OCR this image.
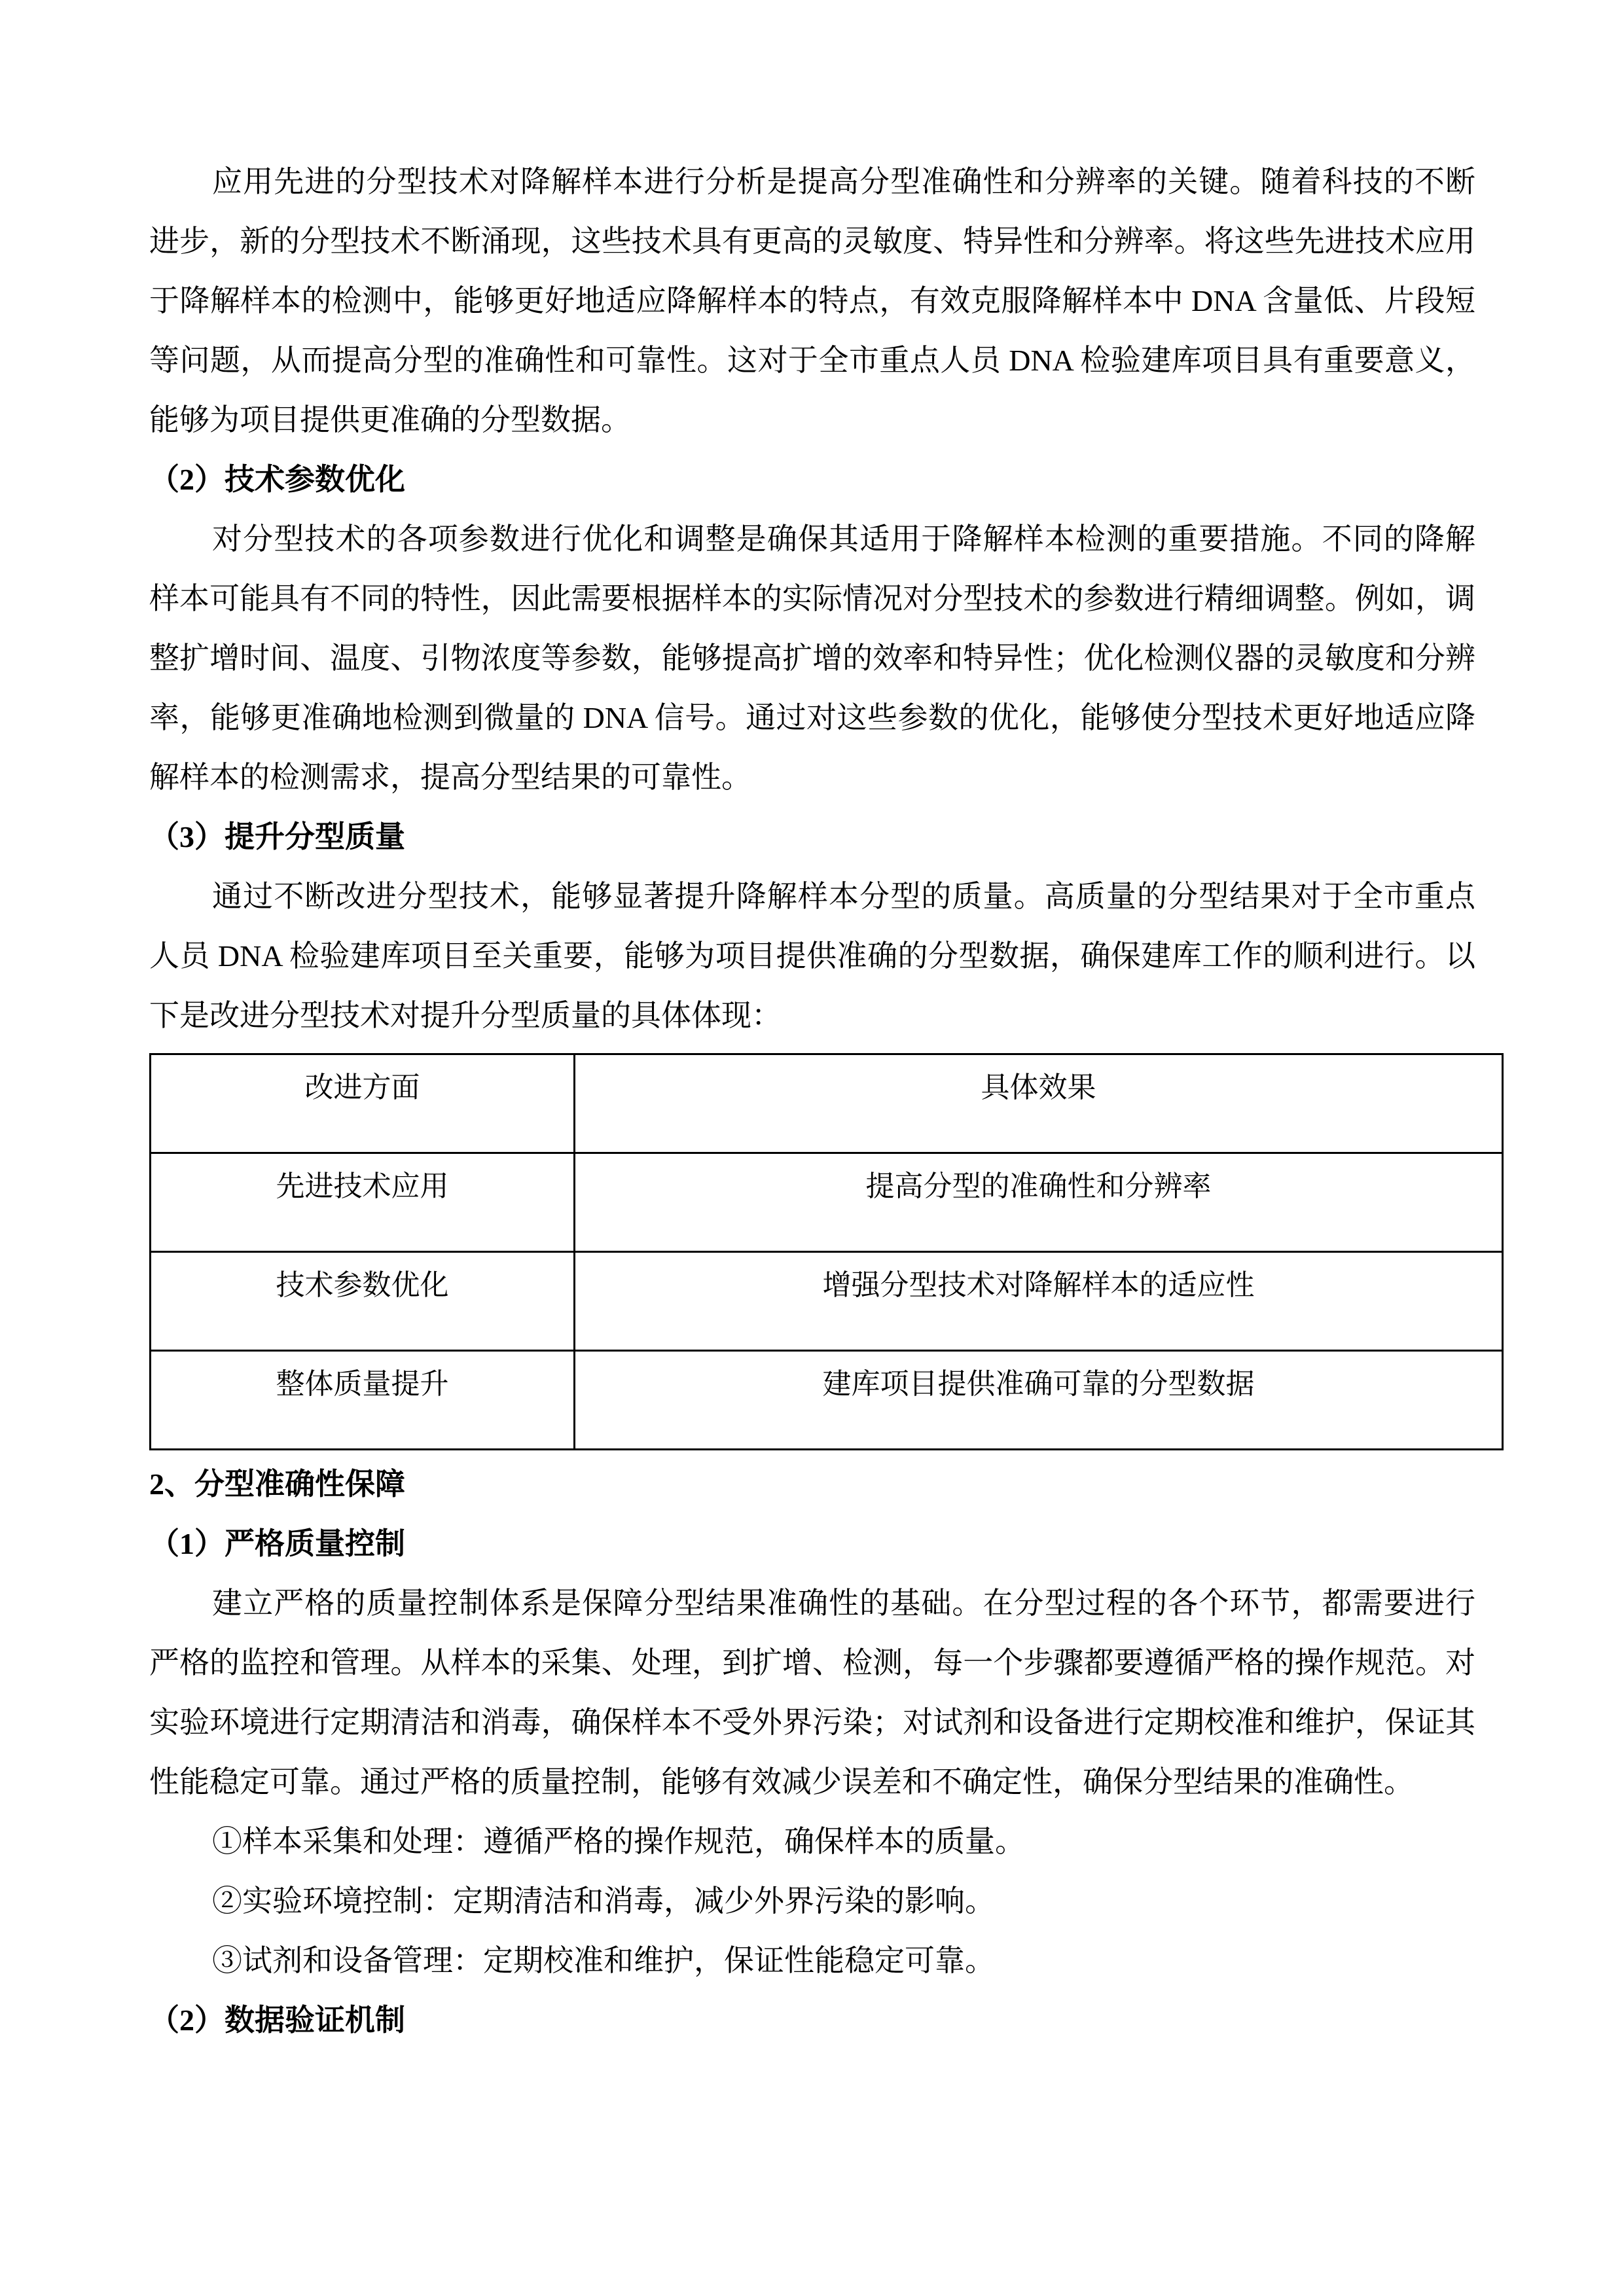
应用先进的分型技术对降解样本进行分析是提高分型准确性和分辨率的关键。随着科技的不断进步，新的分型技术不断涌现，这些技术具有更高的灵敏度、特异性和分辨率。将这些先进技术应用于降解样本的检测中，能够更好地适应降解样本的特点，有效克服降解样本中 DNA 含量低、片段短等问题，从而提高分型的准确性和可靠性。这对于全市重点人员 DNA 检验建库项目具有重要意义，能够为项目提供更准确的分型数据。

（2）技术参数优化

对分型技术的各项参数进行优化和调整是确保其适用于降解样本检测的重要措施。不同的降解样本可能具有不同的特性，因此需要根据样本的实际情况对分型技术的参数进行精细调整。例如，调整扩增时间、温度、引物浓度等参数，能够提高扩增的效率和特异性；优化检测仪器的灵敏度和分辨率，能够更准确地检测到微量的 DNA 信号。通过对这些参数的优化，能够使分型技术更好地适应降解样本的检测需求，提高分型结果的可靠性。

（3）提升分型质量

通过不断改进分型技术，能够显著提升降解样本分型的质量。高质量的分型结果对于全市重点人员 DNA 检验建库项目至关重要，能够为项目提供准确的分型数据，确保建库工作的顺利进行。以下是改进分型技术对提升分型质量的具体体现：

改进方面	具体效果
先进技术应用	提高分型的准确性和分辨率
技术参数优化	增强分型技术对降解样本的适应性
整体质量提升	建库项目提供准确可靠的分型数据
2、分型准确性保障
（1）严格质量控制

建立严格的质量控制体系是保障分型结果准确性的基础。在分型过程的各个环节，都需要进行严格的监控和管理。从样本的采集、处理，到扩增、检测，每一个步骤都要遵循严格的操作规范。对实验环境进行定期清洁和消毒，确保样本不受外界污染；对试剂和设备进行定期校准和维护，保证其性能稳定可靠。通过严格的质量控制，能够有效减少误差和不确定性，确保分型结果的准确性。

①样本采集和处理：遵循严格的操作规范，确保样本的质量。

②实验环境控制：定期清洁和消毒，减少外界污染的影响。

③试剂和设备管理：定期校准和维护，保证性能稳定可靠。

（2）数据验证机制
